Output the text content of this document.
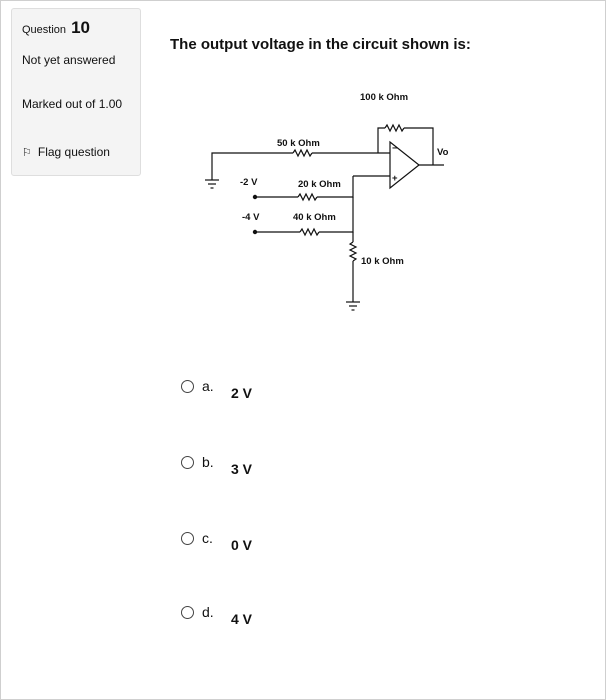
Question 10
Not yet answered
Marked out of 1.00
⚐ Flag question
The output voltage in the circuit shown is:
−
+
100 k Ohm
50 k Ohm
20 k Ohm
40 k Ohm
10 k Ohm
-2 V
-4 V
Vo
a. 2 V
b. 3 V
c. 0 V
d. 4 V
